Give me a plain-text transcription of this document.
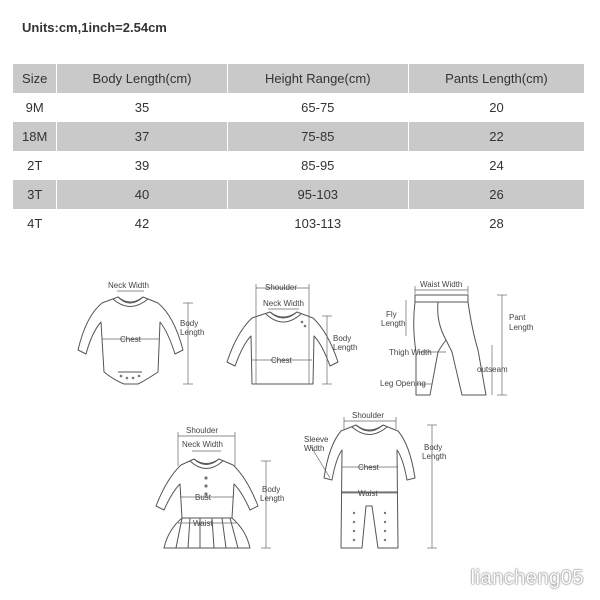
Units:cm,1inch=2.54cm
Size	Body Length(cm)	Height Range(cm)	Pants Length(cm)
9M	35	65-75	20
18M	37	75-85	22
2T	39	85-95	24
3T	40	95-103	26
4T	42	103-113	28
Neck Width
Chest
Body
Length
Shoulder
Neck Width
Chest
Body
Length
Waist Width
Fly
Length
Pant
Length
Thigh Width
outseam
Leg Opening
Shoulder
Neck Width
Bust
Waist
Body
Length
Shoulder
Sleeve
Width
Chest
Waist
Body
Length
liancheng05
